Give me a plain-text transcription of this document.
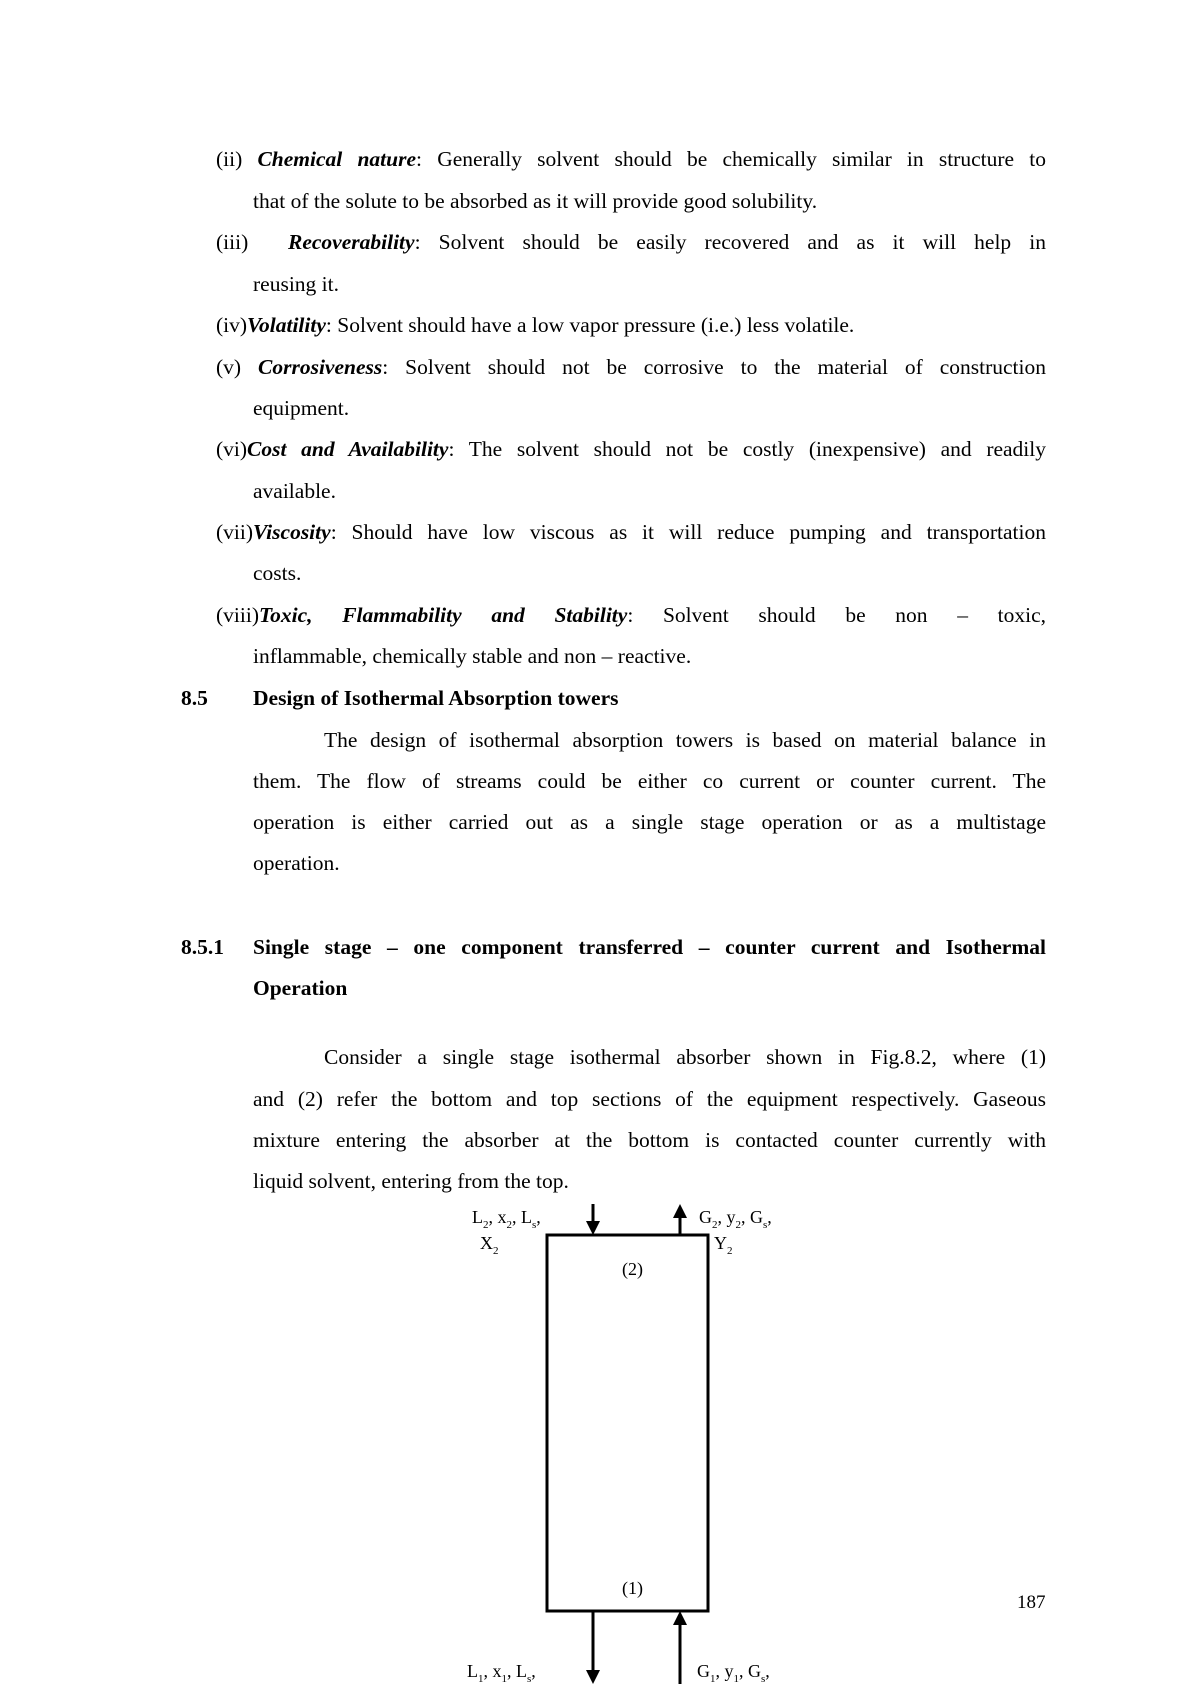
(ii) Chemical nature: Generally solvent should be chemically similar in structure to
that of the solute to be absorbed as it will provide good solubility.
(iii) Recoverability: Solvent should be easily recovered and as it will help in
reusing it.
(iv)Volatility: Solvent should have a low vapor pressure (i.e.) less volatile.
(v) Corrosiveness: Solvent should not be corrosive to the material of construction
equipment.
(vi)Cost and Availability: The solvent should not be costly (inexpensive) and readily
available.
(vii)Viscosity: Should have low viscous as it will reduce pumping and transportation
costs.
(viii)Toxic, Flammability and Stability: Solvent should be non – toxic,
inflammable, chemically stable and non – reactive.
8.5 Design of Isothermal Absorption towers
The design of isothermal absorption towers is based on material balance in
them. The flow of streams could be either co current or counter current. The
operation is either carried out as a single stage operation or as a multistage
operation.
8.5.1 Single stage – one component transferred – counter current and Isothermal
Operation
Consider a single stage isothermal absorber shown in Fig.8.2, where (1)
and (2) refer the bottom and top sections of the equipment respectively. Gaseous
mixture entering the absorber at the bottom is contacted counter currently with
liquid solvent, entering from the top.
$L_2$, $x_2$, $L_s$,
$X_2$
$G_2$, $y_2$, $G_s$,
$Y_2$
(2)
(1)
$L_1$, $x_1$, $L_s$,	$G_1$, $y_1$, $G_s$,
187
